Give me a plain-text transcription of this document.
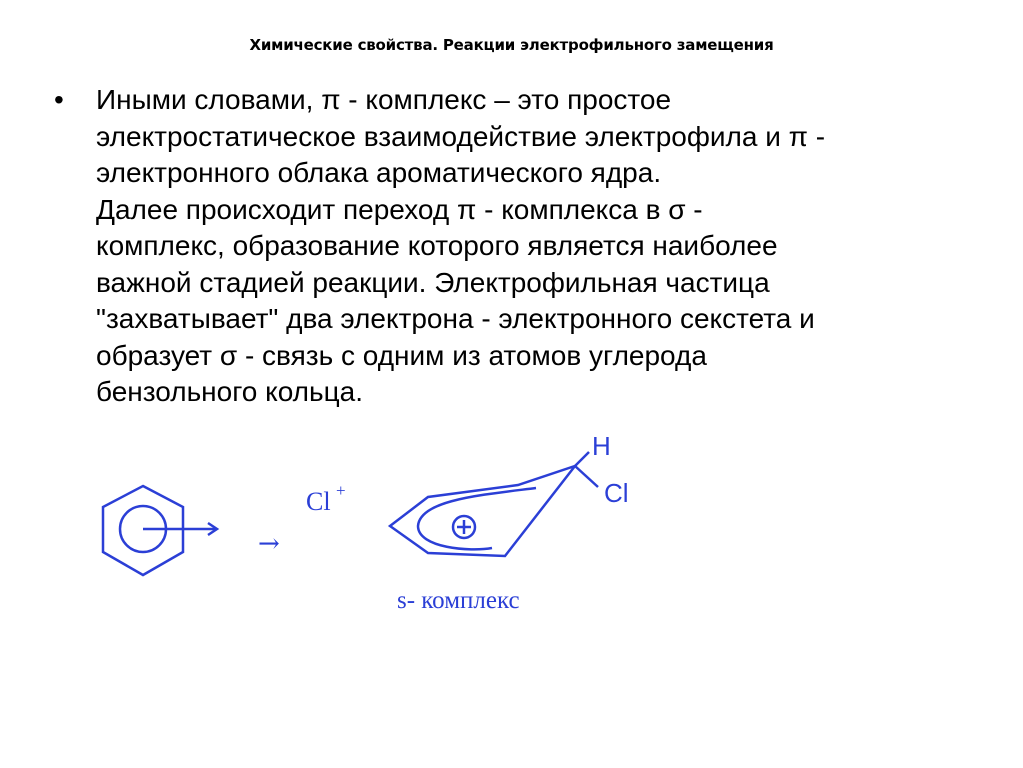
Химические свойства. Реакции электрофильного замещения
•	Иными словами, π - комплекс – это простое
электростатическое взаимодействие электрофила и π -
электронного облака ароматического ядра.
Далее происходит переход π - комплекса в σ -
комплекс, образование которого является наиболее
важной стадией реакции. Электрофильная частица
"захватывает" два электрона - электронного секстета и
образует σ - связь с одним из атомов углерода
бензольного кольца.
→
Cl +
H
Cl
s- комплекс
